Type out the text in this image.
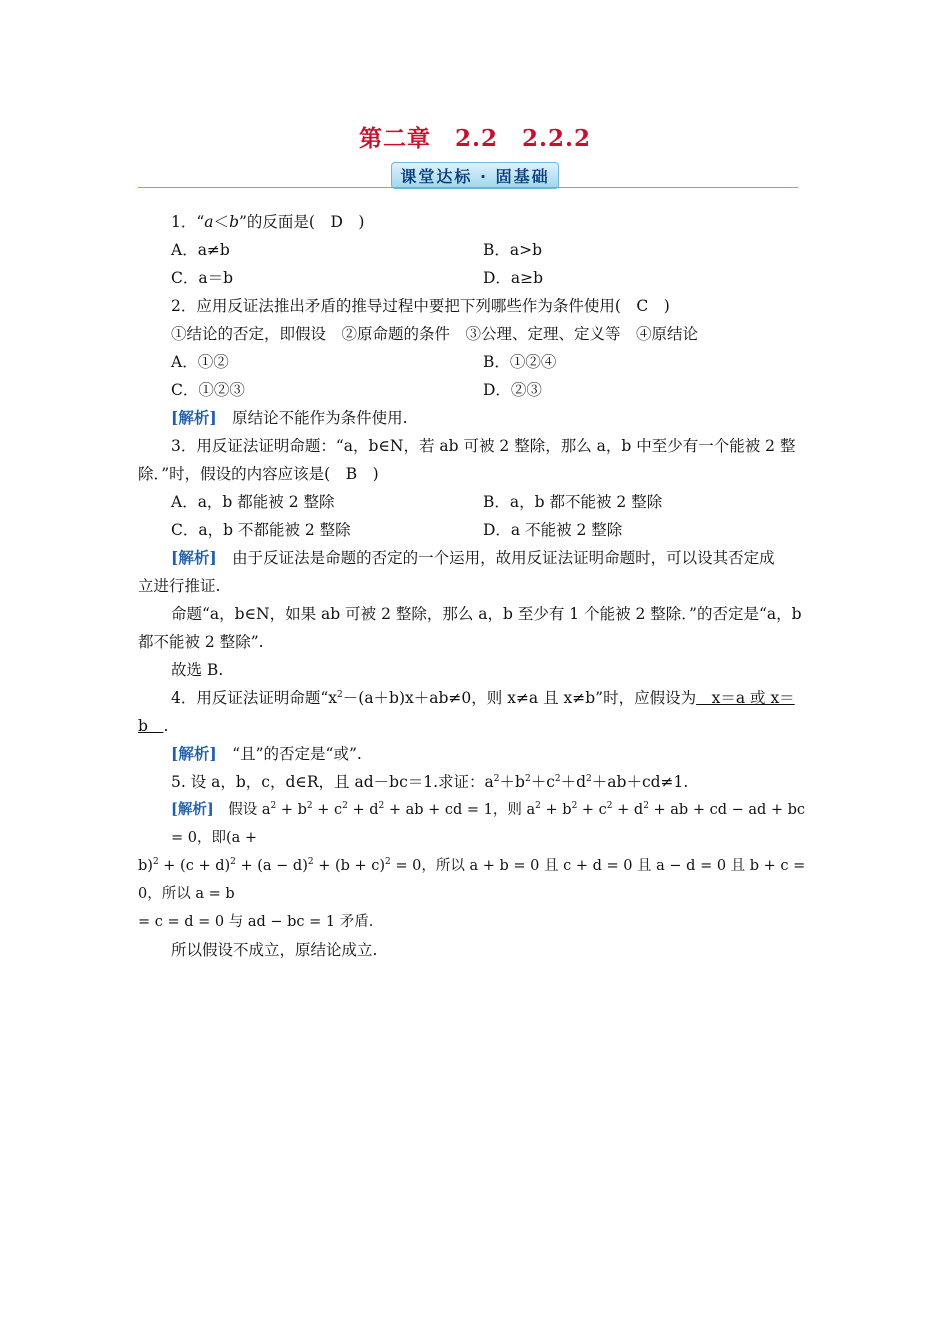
第二章　2.2　2.2.2
课堂达标 · 固基础

1．“a＜b”的反面是(　D　)

A．a≠b	B．a>b
C．a＝b	D．a≥b

2．应用反证法推出矛盾的推导过程中要把下列哪些作为条件使用(　C　)

①结论的否定，即假设　②原命题的条件　③公理、定理、定义等　④原结论

A．①②	B．①②④
C．①②③	D．②③

[解析]　原结论不能作为条件使用.

3．用反证法证明命题：“a，b∈N，若 ab 可被 2 整除，那么 a，b 中至少有一个能被 2 整

除．”时，假设的内容应该是(　B　)

A．a，b 都能被 2 整除	B．a，b 都不能被 2 整除
C．a，b 不都能被 2 整除	D．a 不能被 2 整除

[解析]　由于反证法是命题的否定的一个运用，故用反证法证明命题时，可以设其否定成

立进行推证.

命题“a，b∈N，如果 ab 可被 2 整除，那么 a，b 至少有 1 个能被 2 整除．”的否定是“a，b

都不能被 2 整除”.

故选 B.

4．用反证法证明命题“$x^2-(a+b)x+ab\ne 0$，则 x≠a 且 x≠b”时，应假设为　x＝a 或 x＝

b　.

[解析]　“且”的否定是“或”.

5. 设 a，b，c，d∈R，且 ad－bc＝1.求证：$a^2+b^2+c^2+d^2+ab+cd\ne 1$.

[解析]　假设 $a^2 + b^2 + c^2 + d^2$ + ab + cd = 1，则 $a^2 + b^2 + c^2 + d^2$ + ab + cd − ad + bc = 0，即(a +

$b)^2 + (c + d)^2 + (a - d)^2 + (b + c)^2 = 0$，所以 a + b = 0 且 c + d = 0 且 a − d = 0 且 b + c = 0，所以 a = b

= c = d = 0 与 ad − bc = 1 矛盾.

所以假设不成立，原结论成立.
